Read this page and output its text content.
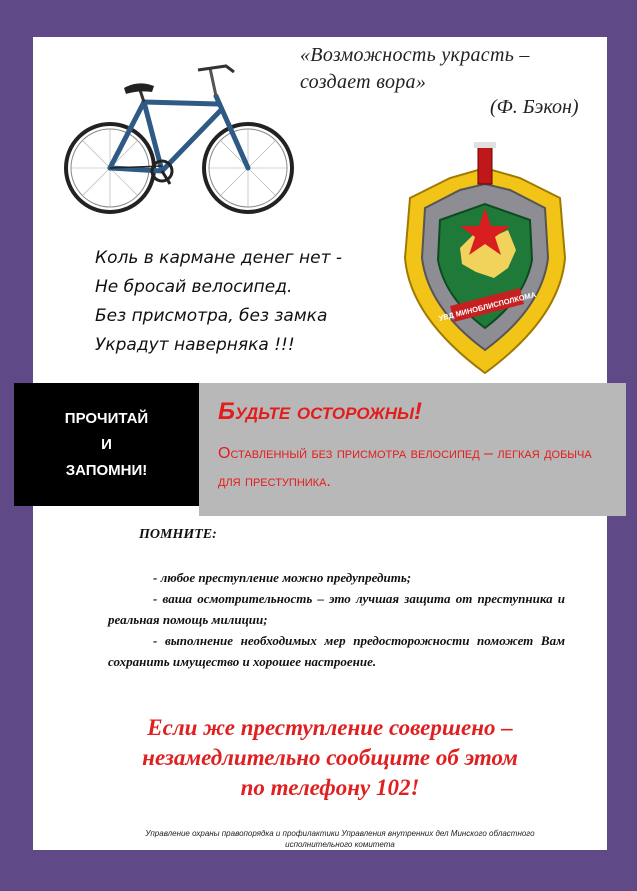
УВД МИНОБЛИСПОЛКОМА
«Возможность украсть –
создает вора»
(Ф. Бэкон)
Коль в кармане денег нет -
Не бросай велосипед.
Без присмотра, без замка
Украдут наверняка !!!
ПРОЧИТАЙ
И
ЗАПОМНИ!
Будьте осторожны!
Оставленный без присмотра велосипед – легкая добыча для преступника.
ПОМНИТЕ:

- любое преступление можно предупредить;

- ваша осмотрительность – это лучшая защита от преступника и реальная помощь милиции;

- выполнение необходимых мер предосторожности поможет Вам сохранить имущество и хорошее настроение.

Если же преступление совершено –
незамедлительно сообщите об этом
по телефону 102!
Управление охраны правопорядка и профилактики Управления внутренних дел Минского областного
исполнительного комитета
